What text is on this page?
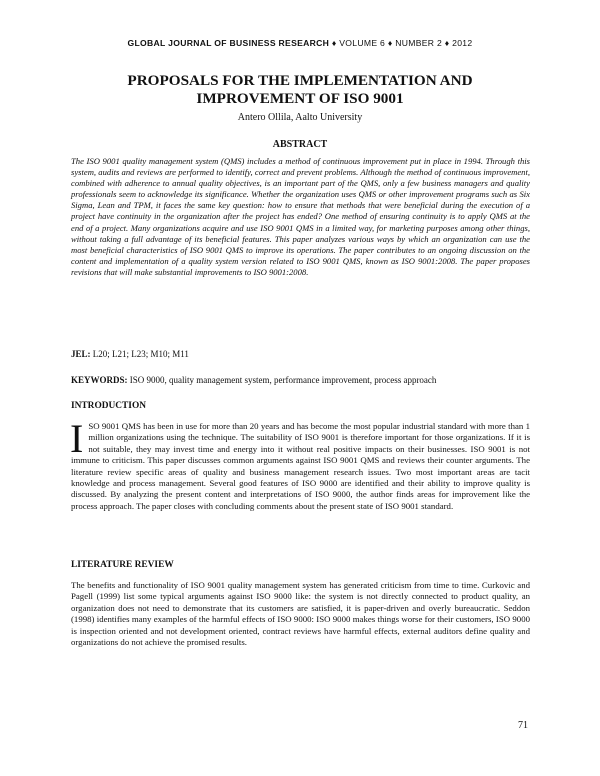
GLOBAL JOURNAL OF BUSINESS RESEARCH ♦ VOLUME 6 ♦ NUMBER 2 ♦ 2012
PROPOSALS FOR THE IMPLEMENTATION AND IMPROVEMENT OF ISO 9001
Antero Ollila, Aalto University
ABSTRACT

The ISO 9001 quality management system (QMS) includes a method of continuous improvement put in place in 1994. Through this system, audits and reviews are performed to identify, correct and prevent problems. Although the method of continuous improvement, combined with adherence to annual quality objectives, is an important part of the QMS, only a few business managers and quality professionals seem to acknowledge its significance. Whether the organization uses QMS or other improvement programs such as Six Sigma, Lean and TPM, it faces the same key question: how to ensure that methods that were beneficial during the execution of a project have continuity in the organization after the project has ended? One method of ensuring continuity is to apply QMS at the end of a project. Many organizations acquire and use ISO 9001 QMS in a limited way, for marketing purposes among other things, without taking a full advantage of its beneficial features. This paper analyzes various ways by which an organization can use the most beneficial characteristics of ISO 9001 QMS to improve its operations. The paper contributes to an ongoing discussion on the content and implementation of a quality system version related to ISO 9001 QMS, known as ISO 9001:2008. The paper proposes revisions that will make substantial improvements to ISO 9001:2008.

JEL: L20; L21; L23; M10; M11
KEYWORDS: ISO 9000, quality management system, performance improvement, process approach
INTRODUCTION

ISO 9001 QMS has been in use for more than 20 years and has become the most popular industrial standard with more than 1 million organizations using the technique. The suitability of ISO 9001 is therefore important for those organizations. If it is not suitable, they may invest time and energy into it without real positive impacts on their businesses. ISO 9001 is not immune to criticism. This paper discusses common arguments against ISO 9001 QMS and reviews their counter arguments. The literature review specific areas of quality and business management research issues. Two most important areas are tacit knowledge and process management. Several good features of ISO 9000 are identified and their ability to improve quality is discussed. By analyzing the present content and interpretations of ISO 9000, the author finds areas for improvement like the process approach. The paper closes with concluding comments about the present state of ISO 9001 standard.

LITERATURE REVIEW

The benefits and functionality of ISO 9001 quality management system has generated criticism from time to time. Curkovic and Pagell (1999) list some typical arguments against ISO 9000 like: the system is not directly connected to product quality, an organization does not need to demonstrate that its customers are satisfied, it is paper-driven and overly bureaucratic. Seddon (1998) identifies many examples of the harmful effects of ISO 9000: ISO 9000 makes things worse for their customers, ISO 9000 is inspection oriented and not development oriented, contract reviews have harmful effects, external auditors define quality and organizations do not achieve the promised results.

71
